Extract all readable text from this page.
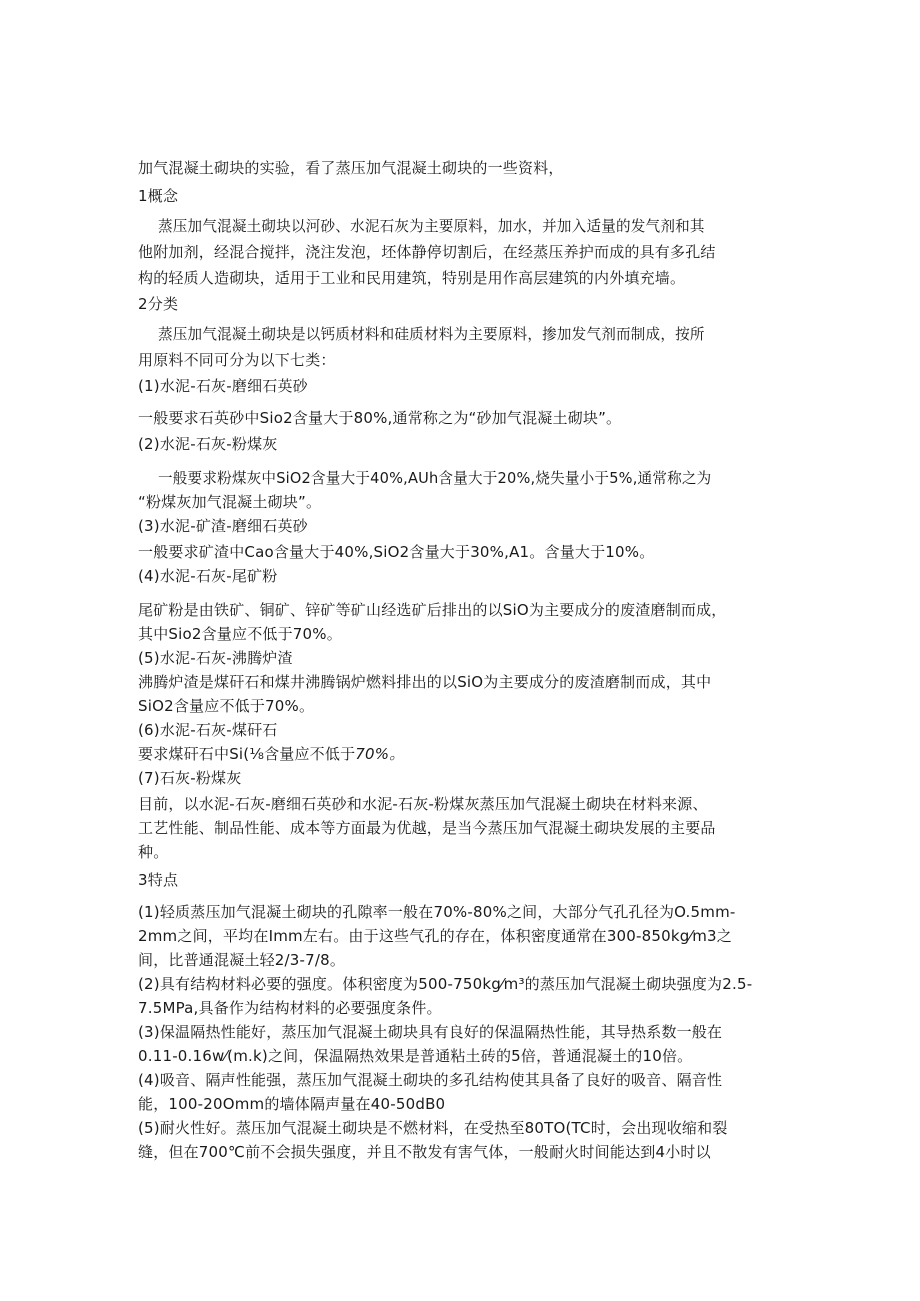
加气混凝土砌块的实验，看了蒸压加气混凝土砌块的一些资料，
1概念
蒸压加气混凝土砌块以河砂、水泥石灰为主要原料，加水，并加入适量的发气剂和其
他附加剂，经混合搅拌，浇注发泡，坯体静停切割后，在经蒸压养护而成的具有多孔结
构的轻质人造砌块，适用于工业和民用建筑，特别是用作高层建筑的内外填充墙。
2分类
蒸压加气混凝土砌块是以钙质材料和硅质材料为主要原料，掺加发气剂而制成，按所
用原料不同可分为以下七类：
(1)水泥-石灰-磨细石英砂
一般要求石英砂中Sio2含量大于80%,通常称之为“砂加气混凝土砌块”。
(2)水泥-石灰-粉煤灰
一般要求粉煤灰中SiO2含量大于40%,AUh含量大于20%,烧失量小于5%,通常称之为
“粉煤灰加气混凝土砌块”。
(3)水泥-矿渣-磨细石英砂
一般要求矿渣中Cao含量大于40%,SiO2含量大于30%,A1。含量大于10%。
(4)水泥-石灰-尾矿粉
尾矿粉是由铁矿、铜矿、锌矿等矿山经选矿后排出的以SiO为主要成分的废渣磨制而成，
其中Sio2含量应不低于70%。
(5)水泥-石灰-沸腾炉渣
沸腾炉渣是煤矸石和煤井沸腾锅炉燃料排出的以SiO为主要成分的废渣磨制而成，其中
SiO2含量应不低于70%。
(6)水泥-石灰-煤矸石
要求煤矸石中Si(⅛含量应不低于70%。
(7)石灰-粉煤灰
目前，以水泥-石灰-磨细石英砂和水泥-石灰-粉煤灰蒸压加气混凝土砌块在材料来源、
工艺性能、制品性能、成本等方面最为优越，是当今蒸压加气混凝土砌块发展的主要品
种。
3特点
(1)轻质蒸压加气混凝土砌块的孔隙率一般在70%-80%之间，大部分气孔孔径为O.5mm-
2mm之间，平均在Imm左右。由于这些气孔的存在，体积密度通常在300-850kg⁄m3之
间，比普通混凝土轻2/3-7/8。
(2)具有结构材料必要的强度。体积密度为500-750kg⁄m³的蒸压加气混凝土砌块强度为2.5-
7.5MPa,具备作为结构材料的必要强度条件。
(3)保温隔热性能好，蒸压加气混凝土砌块具有良好的保温隔热性能，其导热系数一般在
0.11-0.16w⁄(m.k)之间，保温隔热效果是普通粘土砖的5倍，普通混凝土的10倍。
(4)吸音、隔声性能强，蒸压加气混凝土砌块的多孔结构使其具备了良好的吸音、隔音性
能，100-20Omm的墙体隔声量在40-50dB0
(5)耐火性好。蒸压加气混凝土砌块是不燃材料，在受热至80TO(TC时，会出现收缩和裂
缝，但在700℃前不会损失强度，并且不散发有害气体，一般耐火时间能达到4小时以
